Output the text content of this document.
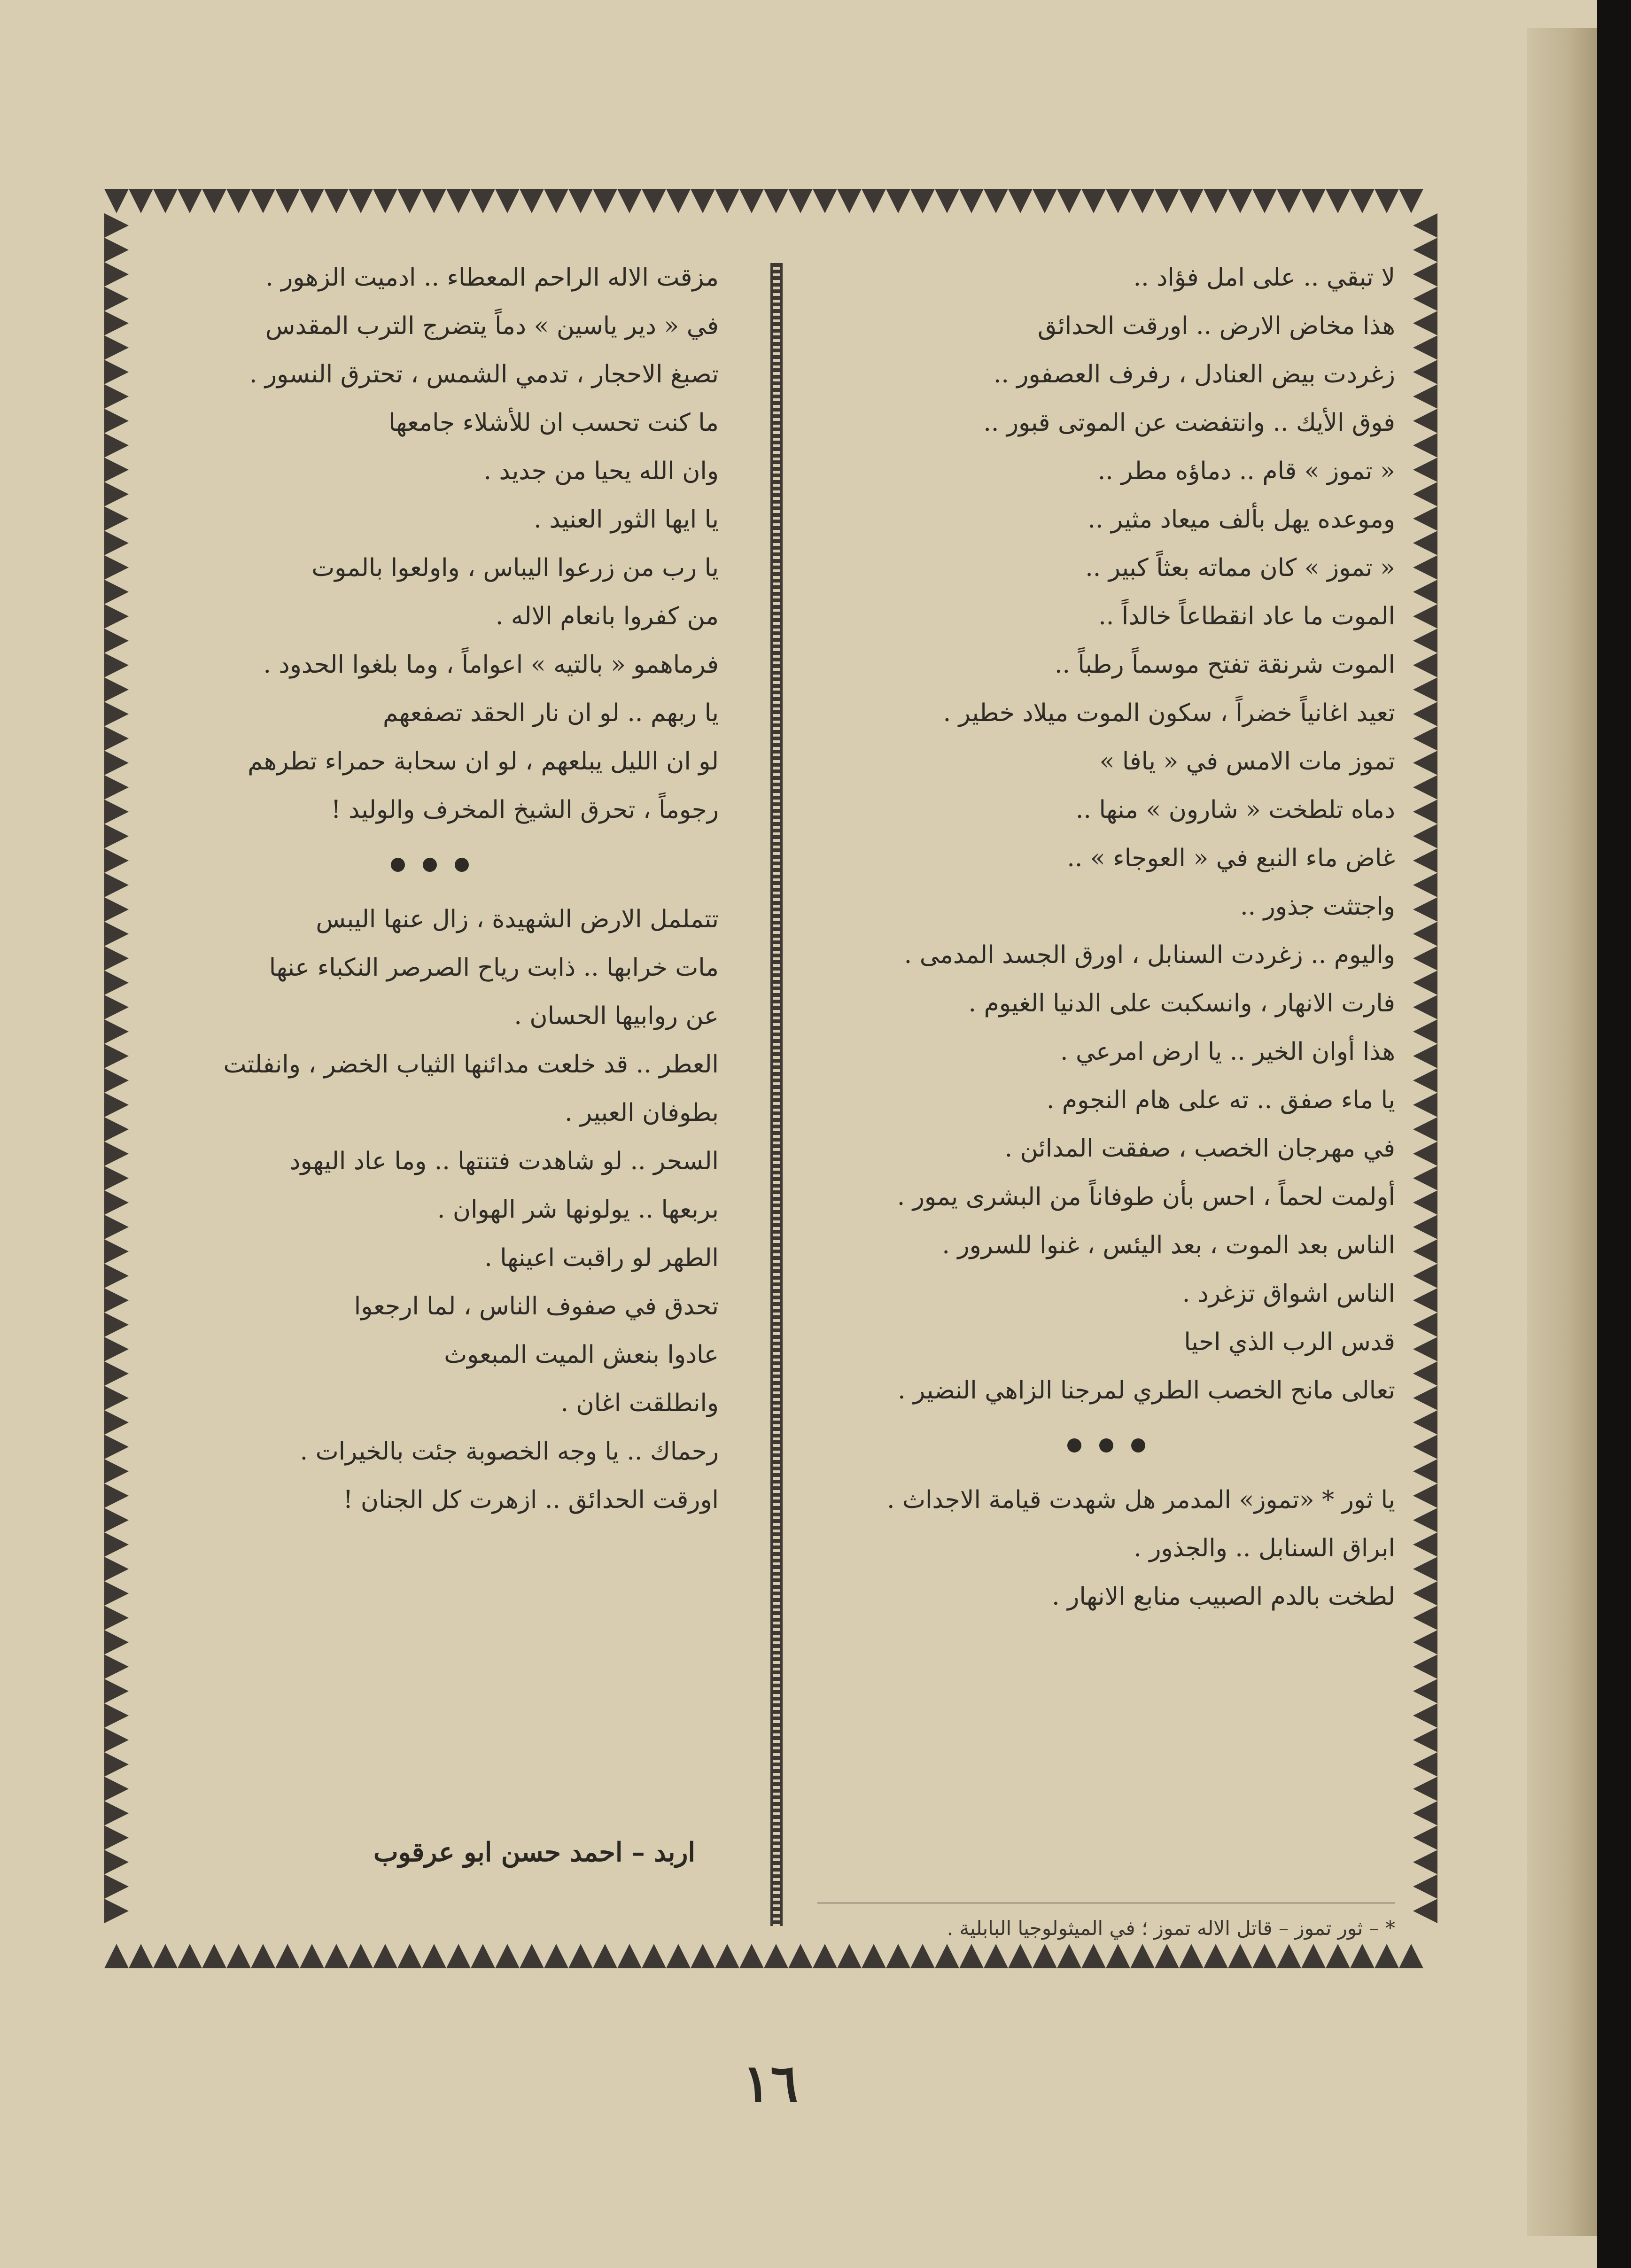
لا تبقي .. على امل فؤاد ..
هذا مخاض الارض .. اورقت الحدائق
زغردت بيض العنادل ، رفرف العصفور ..
فوق الأيك .. وانتفضت عن الموتى قبور ..
« تموز » قام .. دماؤه مطر ..
وموعده يهل بألف ميعاد مثير ..
« تموز » كان مماته بعثاً كبير ..
الموت ما عاد انقطاعاً خالداً ..
الموت شرنقة تفتح موسماً رطباً ..
تعيد اغانياً خضراً ، سكون الموت ميلاد خطير .
تموز مات الامس في « يافا »
دماه تلطخت « شارون » منها ..
غاض ماء النبع في « العوجاء » ..
واجتثت جذور ..
واليوم .. زغردت السنابل ، اورق الجسد المدمى .
فارت الانهار ، وانسكبت على الدنيا الغيوم .
هذا أوان الخير .. يا ارض امرعي .
يا ماء صفق .. ته على هام النجوم .
في مهرجان الخصب ، صفقت المدائن .
أولمت لحماً ، احس بأن طوفاناً من البشرى يمور .
الناس بعد الموت ، بعد اليئس ، غنوا للسرور .
الناس اشواق تزغرد .
قدس الرب الذي احيا
تعالى مانح الخصب الطري لمرجنا الزاهي النضير .
يا ثور * «تموز» المدمر هل شهدت قيامة الاجداث .
ابراق السنابل .. والجذور .
لطخت بالدم الصبيب منابع الانهار .
مزقت الاله الراحم المعطاء .. ادميت الزهور .
في « دير ياسين » دماً يتضرج الترب المقدس
تصبغ الاحجار ، تدمي الشمس ، تحترق النسور .
ما كنت تحسب ان للأشلاء جامعها
وان الله يحيا من جديد .
يا ايها الثور العنيد .
يا رب من زرعوا اليباس ، واولعوا بالموت
من كفروا بانعام الاله .
فرماهمو « بالتيه » اعواماً ، وما بلغوا الحدود .
يا ربهم .. لو ان نار الحقد تصفعهم
لو ان الليل يبلعهم ، لو ان سحابة حمراء تطرهم
رجوماً ، تحرق الشيخ المخرف والوليد !
تتململ الارض الشهيدة ، زال عنها اليبس
مات خرابها .. ذابت رياح الصرصر النكباء عنها
عن روابيها الحسان .
العطر .. قد خلعت مدائنها الثياب الخضر ، وانفلتت
بطوفان العبير .
السحر .. لو شاهدت فتنتها .. وما عاد اليهود
بربعها .. يولونها شر الهوان .
الطهر لو راقبت اعينها .
تحدق في صفوف الناس ، لما ارجعوا
عادوا بنعش الميت المبعوث
وانطلقت اغان .
رحماك .. يا وجه الخصوبة جئت بالخيرات .
اورقت الحدائق .. ازهرت كل الجنان !
اربد – احمد حسن ابو عرقوب
* – ثور تموز – قاتل الاله تموز ؛ في الميثولوجيا البابلية .
١٦
